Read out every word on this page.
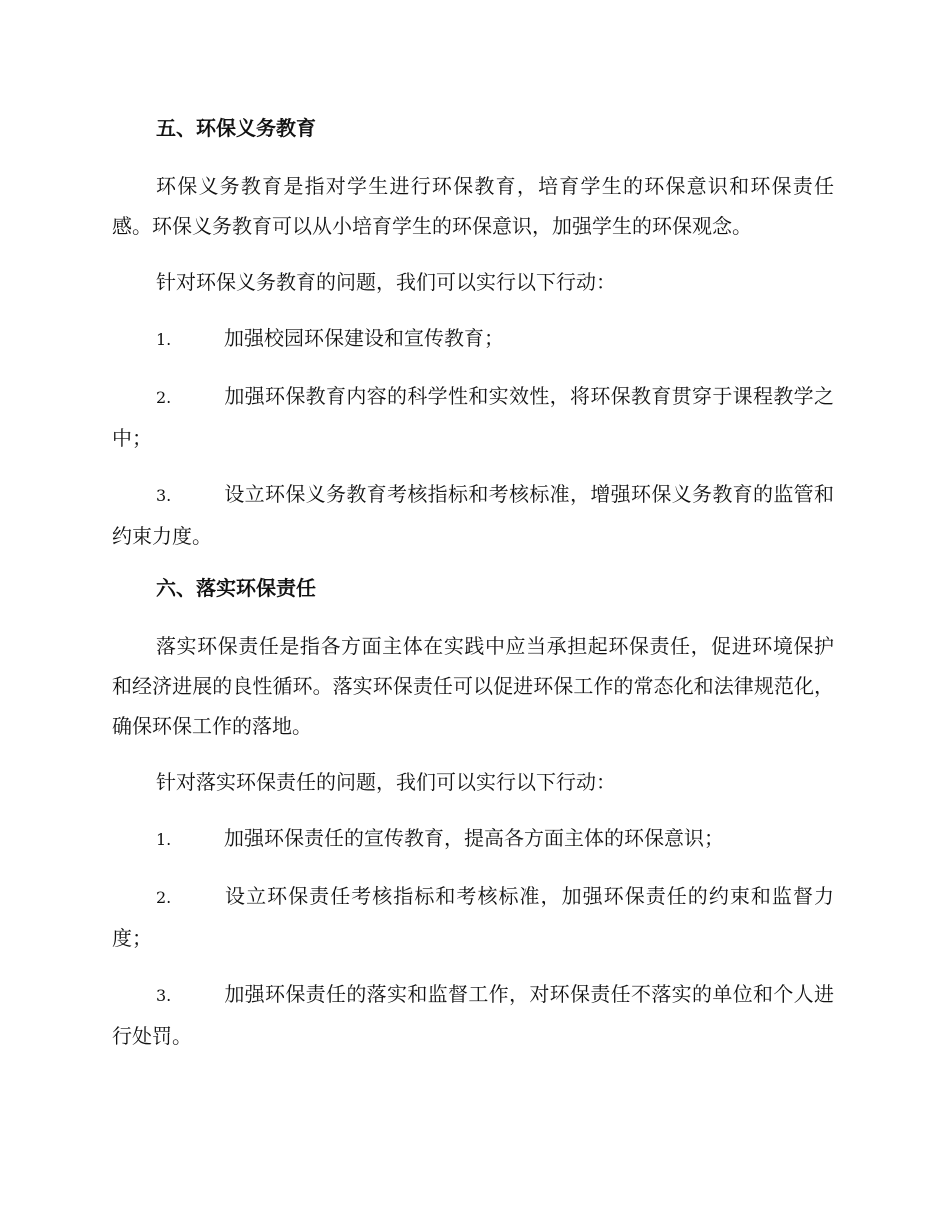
五、环保义务教育

环保义务教育是指对学生进行环保教育，培育学生的环保意识和环保责任感。环保义务教育可以从小培育学生的环保意识，加强学生的环保观念。

针对环保义务教育的问题，我们可以实行以下行动：

1.	加强校园环保建设和宣传教育；
2.	加强环保教育内容的科学性和实效性，将环保教育贯穿于课程教学之中；
3.	设立环保义务教育考核指标和考核标准，增强环保义务教育的监管和约束力度。
六、落实环保责任

落实环保责任是指各方面主体在实践中应当承担起环保责任，促进环境保护和经济进展的良性循环。落实环保责任可以促进环保工作的常态化和法律规范化，确保环保工作的落地。

针对落实环保责任的问题，我们可以实行以下行动：

1.	加强环保责任的宣传教育，提高各方面主体的环保意识；
2.	设立环保责任考核指标和考核标准，加强环保责任的约束和监督力度；
3.	加强环保责任的落实和监督工作，对环保责任不落实的单位和个人进行处罚。
